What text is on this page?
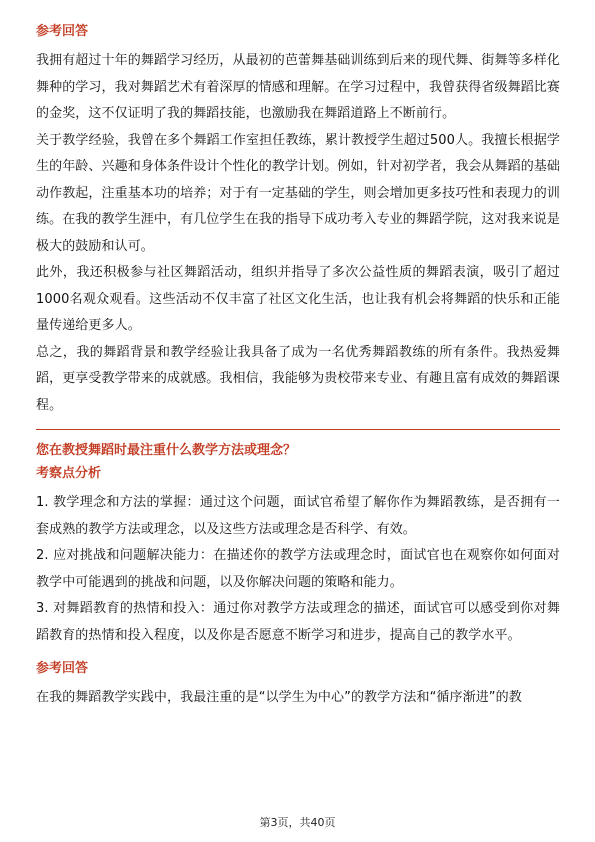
参考回答

我拥有超过十年的舞蹈学习经历，从最初的芭蕾舞基础训练到后来的现代舞、街舞等多样化舞种的学习，我对舞蹈艺术有着深厚的情感和理解。在学习过程中，我曾获得省级舞蹈比赛的金奖，这不仅证明了我的舞蹈技能，也激励我在舞蹈道路上不断前行。

关于教学经验，我曾在多个舞蹈工作室担任教练，累计教授学生超过500人。我擅长根据学生的年龄、兴趣和身体条件设计个性化的教学计划。例如，针对初学者，我会从舞蹈的基础动作教起，注重基本功的培养；对于有一定基础的学生，则会增加更多技巧性和表现力的训练。在我的教学生涯中，有几位学生在我的指导下成功考入专业的舞蹈学院，这对我来说是极大的鼓励和认可。

此外，我还积极参与社区舞蹈活动，组织并指导了多次公益性质的舞蹈表演，吸引了超过1000名观众观看。这些活动不仅丰富了社区文化生活，也让我有机会将舞蹈的快乐和正能量传递给更多人。

总之，我的舞蹈背景和教学经验让我具备了成为一名优秀舞蹈教练的所有条件。我热爱舞蹈，更享受教学带来的成就感。我相信，我能够为贵校带来专业、有趣且富有成效的舞蹈课程。

您在教授舞蹈时最注重什么教学方法或理念？
考察点分析

1. 教学理念和方法的掌握：通过这个问题，面试官希望了解你作为舞蹈教练，是否拥有一套成熟的教学方法或理念，以及这些方法或理念是否科学、有效。

2. 应对挑战和问题解决能力：在描述你的教学方法或理念时，面试官也在观察你如何面对教学中可能遇到的挑战和问题，以及你解决问题的策略和能力。

3. 对舞蹈教育的热情和投入：通过你对教学方法或理念的描述，面试官可以感受到你对舞蹈教育的热情和投入程度，以及你是否愿意不断学习和进步，提高自己的教学水平。

参考回答

在我的舞蹈教学实践中，我最注重的是“以学生为中心”的教学方法和“循序渐进”的教

第3页，共40页
